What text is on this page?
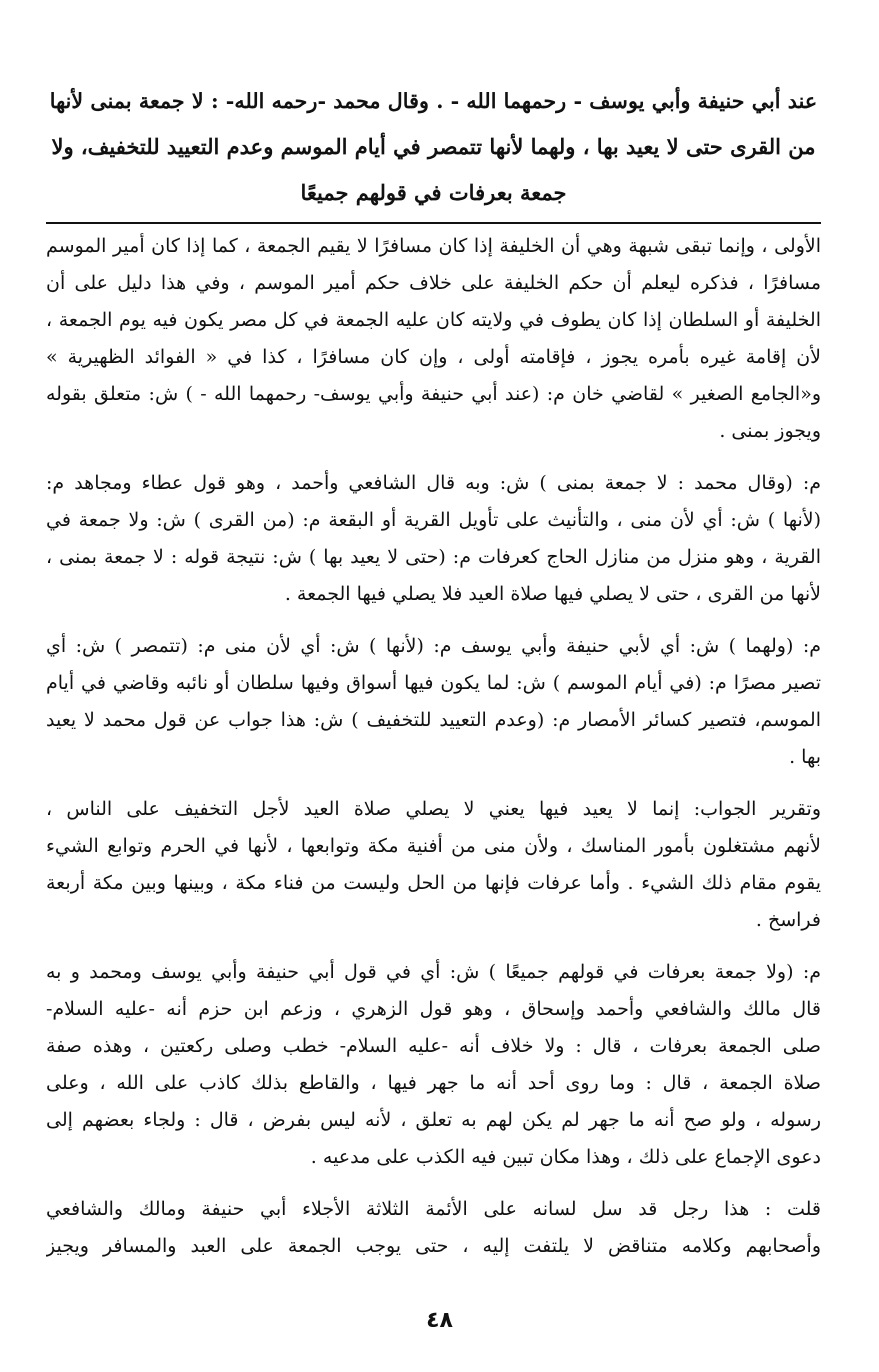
عند أبي حنيفة وأبي يوسف - رحمهما الله - . وقال محمد -رحمه الله- : لا جمعة بمنى لأنها
من القرى حتى لا يعيد بها ، ولهما لأنها تتمصر في أيام الموسم وعدم التعييد للتخفيف، ولا
جمعة بعرفات في قولهم جميعًا
الأولى ، وإنما تبقى شبهة وهي أن الخليفة إذا كان مسافرًا لا يقيم الجمعة ، كما إذا كان أمير الموسم
مسافرًا ، فذكره ليعلم أن حكم الخليفة على خلاف حكم أمير الموسم ، وفي هذا دليل على أن
الخليفة أو السلطان إذا كان يطوف في ولايته كان عليه الجمعة في كل مصر يكون فيه يوم الجمعة ،
لأن إقامة غيره بأمره يجوز ، فإقامته أولى ، وإن كان مسافرًا ، كذا في « الفوائد الظهيرية »
و«الجامع الصغير » لقاضي خان م: (عند أبي حنيفة وأبي يوسف- رحمهما الله - ) ش: متعلق بقوله
ويجوز بمنى .
م: (وقال محمد : لا جمعة بمنى ) ش: وبه قال الشافعي وأحمد ، وهو قول عطاء ومجاهد م:
(لأنها ) ش: أي لأن منى ، والتأنيث على تأويل القرية أو البقعة م: (من القرى ) ش: ولا جمعة في
القرية ، وهو منزل من منازل الحاج كعرفات م: (حتى لا يعيد بها ) ش: نتيجة قوله : لا جمعة بمنى ،
لأنها من القرى ، حتى لا يصلي فيها صلاة العيد فلا يصلي فيها الجمعة .
م: (ولهما ) ش: أي لأبي حنيفة وأبي يوسف م: (لأنها ) ش: أي لأن منى م: (تتمصر ) ش: أي
تصير مصرًا م: (في أيام الموسم ) ش: لما يكون فيها أسواق وفيها سلطان أو نائبه وقاضي في أيام
الموسم، فتصير كسائر الأمصار م: (وعدم التعييد للتخفيف ) ش: هذا جواب عن قول محمد لا يعيد
بها .
وتقرير الجواب: إنما لا يعيد فيها يعني لا يصلي صلاة العيد لأجل التخفيف على الناس ،
لأنهم مشتغلون بأمور المناسك ، ولأن منى من أفنية مكة وتوابعها ، لأنها في الحرم وتوابع الشيء
يقوم مقام ذلك الشيء . وأما عرفات فإنها من الحل وليست من فناء مكة ، وبينها وبين مكة أربعة
فراسخ .
م: (ولا جمعة بعرفات في قولهم جميعًا ) ش: أي في قول أبي حنيفة وأبي يوسف ومحمد و به
قال مالك والشافعي وأحمد وإسحاق ، وهو قول الزهري ، وزعم ابن حزم أنه -عليه السلام-
صلى الجمعة بعرفات ، قال : ولا خلاف أنه -عليه السلام- خطب وصلى ركعتين ، وهذه صفة
صلاة الجمعة ، قال : وما روى أحد أنه ما جهر فيها ، والقاطع بذلك كاذب على الله ، وعلى
رسوله ، ولو صح أنه ما جهر لم يكن لهم به تعلق ، لأنه ليس بفرض ، قال : ولجاء بعضهم إلى
دعوى الإجماع على ذلك ، وهذا مكان تبين فيه الكذب على مدعيه .
قلت : هذا رجل قد سل لسانه على الأئمة الثلاثة الأجلاء أبي حنيفة ومالك والشافعي
وأصحابهم وكلامه متناقض لا يلتفت إليه ، حتى يوجب الجمعة على العبد والمسافر ويجيز
٤٨
